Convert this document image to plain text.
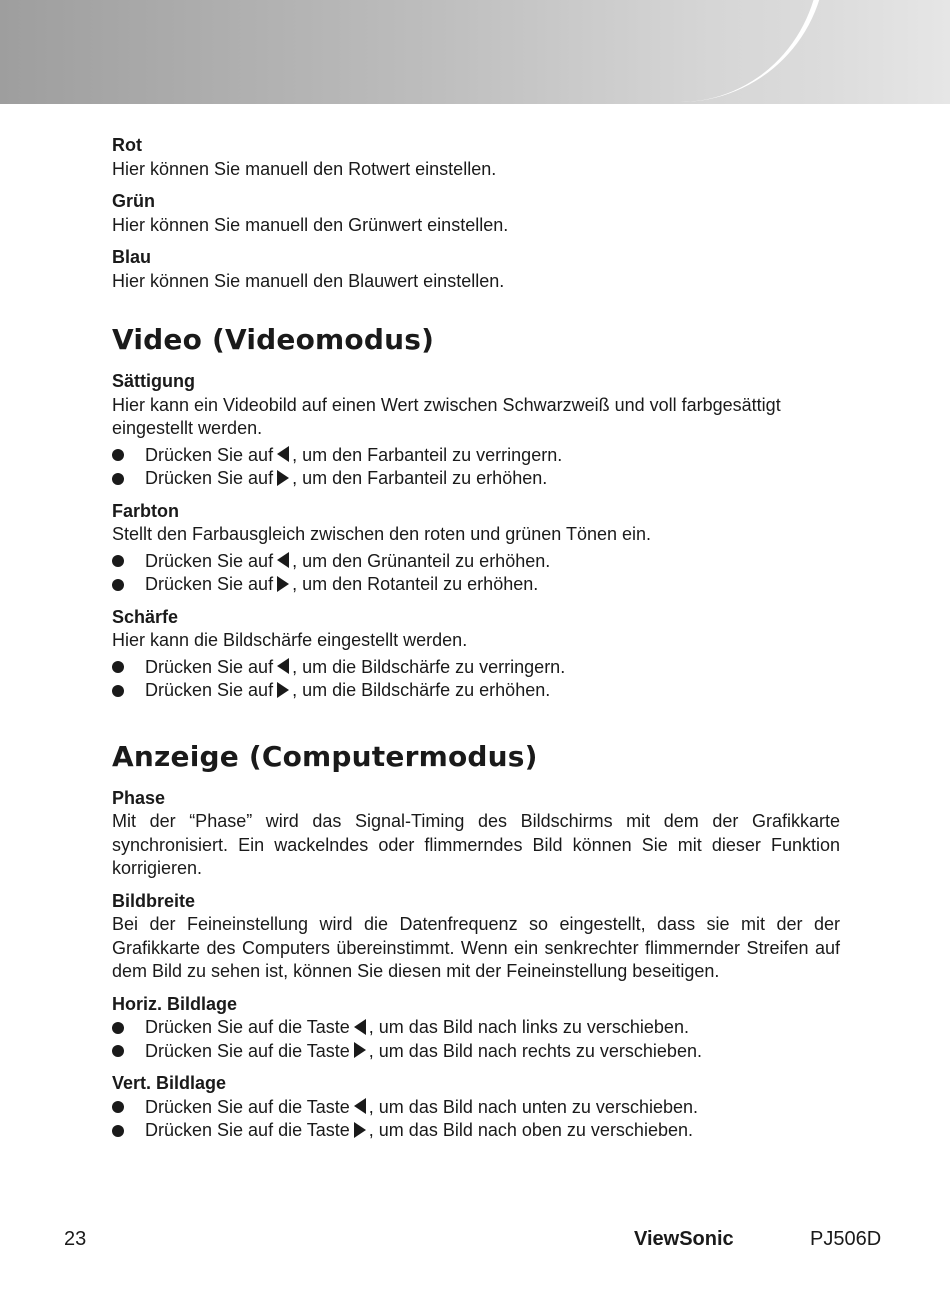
Rot

Hier können Sie manuell den Rotwert einstellen.

Grün

Hier können Sie manuell den Grünwert einstellen.

Blau

Hier können Sie manuell den Blauwert einstellen.

Video (Videomodus)

Sättigung

Hier kann ein Videobild auf einen Wert zwischen Schwarzweiß und voll farbgesättigt eingestellt werden.

Drücken Sie auf , um den Farbanteil zu verringern.
Drücken Sie auf , um den Farbanteil zu erhöhen.

Farbton

Stellt den Farbausgleich zwischen den roten und grünen Tönen ein.

Drücken Sie auf , um den Grünanteil zu erhöhen.
Drücken Sie auf , um den Rotanteil zu erhöhen.

Schärfe

Hier kann die Bildschärfe eingestellt werden.

Drücken Sie auf , um die Bildschärfe zu verringern.
Drücken Sie auf , um die Bildschärfe zu erhöhen.
Anzeige (Computermodus)

Phase

Mit der “Phase” wird das Signal-Timing des Bildschirms mit dem der Grafikkarte synchronisiert. Ein wackelndes oder flimmerndes Bild können Sie mit dieser Funktion korrigieren.

Bildbreite

Bei der Feineinstellung wird die Datenfrequenz so eingestellt, dass sie mit der der Grafikkarte des Computers übereinstimmt. Wenn ein senkrechter flimmernder Streifen auf dem Bild zu sehen ist, können Sie diesen mit der Feineinstellung beseitigen.

Horiz. Bildlage

Drücken Sie auf die Taste , um das Bild nach links zu verschieben.
Drücken Sie auf die Taste , um das Bild nach rechts zu verschieben.

Vert. Bildlage

Drücken Sie auf die Taste , um das Bild nach unten zu verschieben.
Drücken Sie auf die Taste , um das Bild nach oben zu verschieben.
23	ViewSonic	PJ506D
